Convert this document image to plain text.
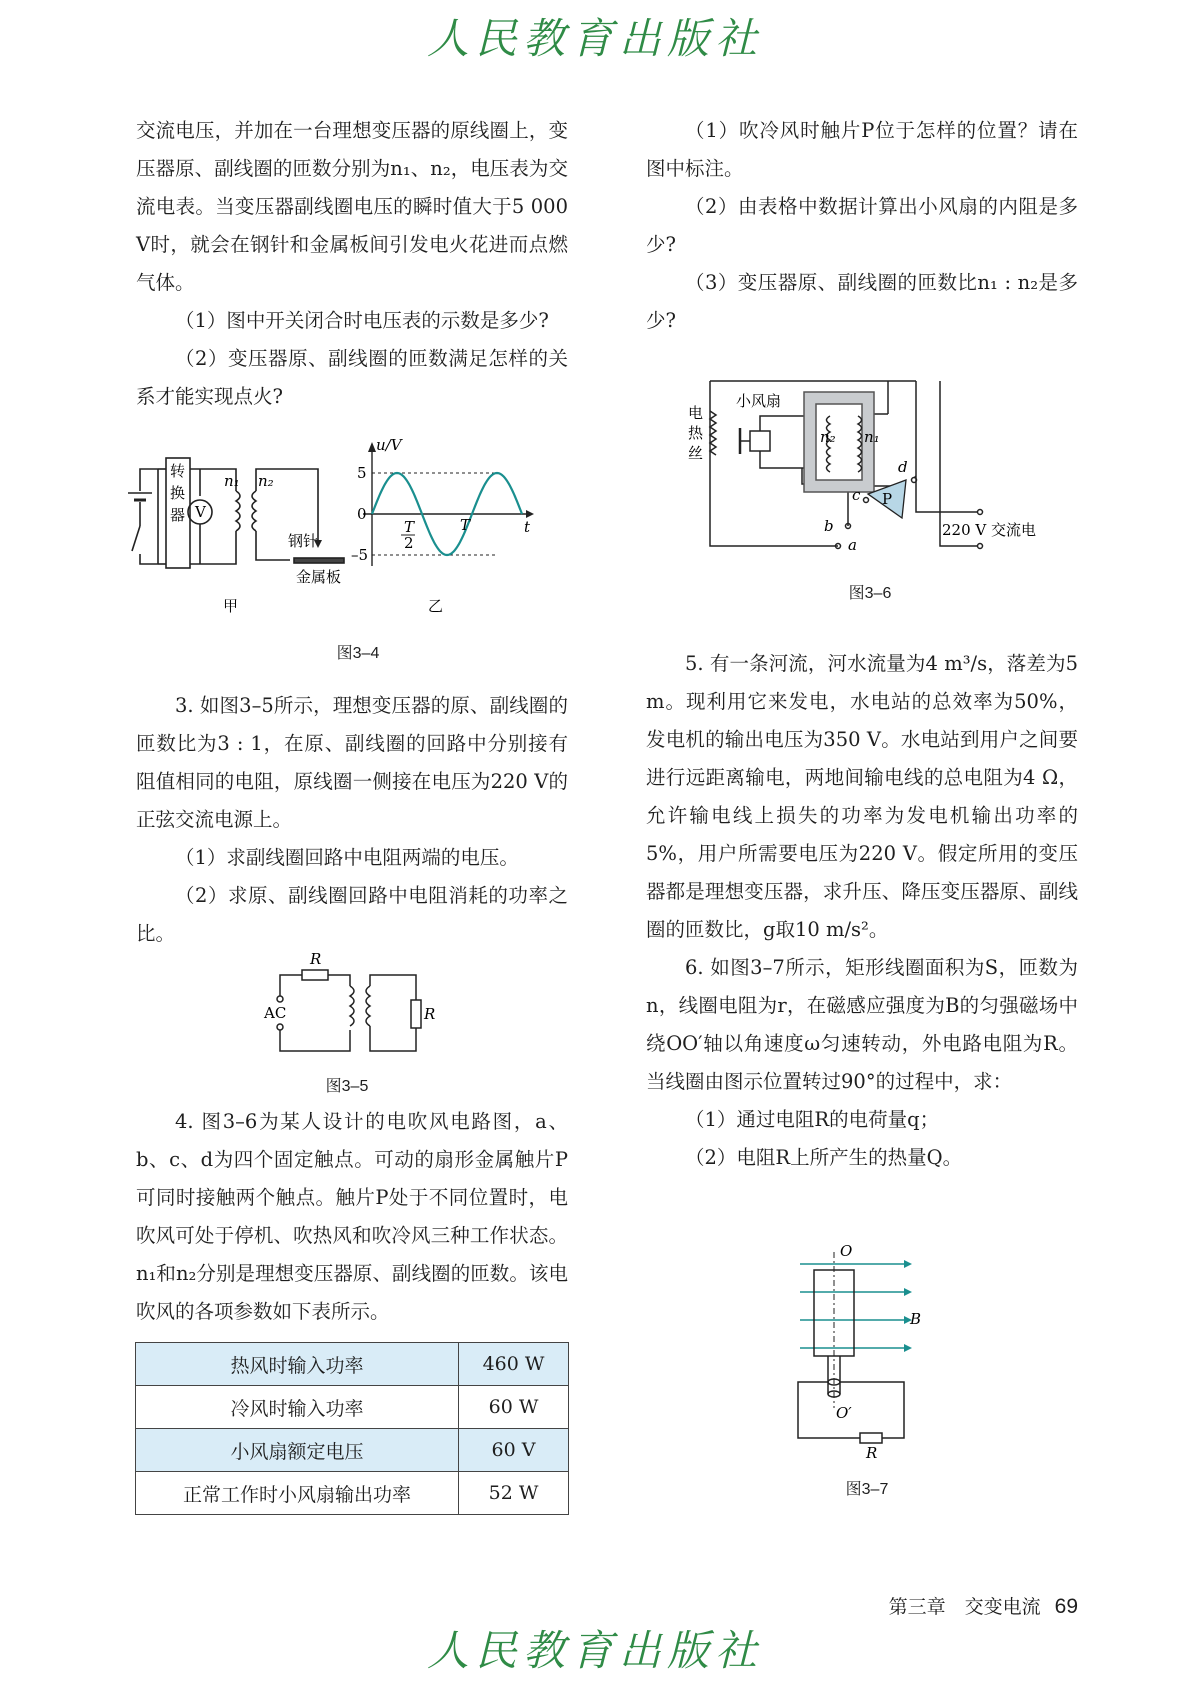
人民教育出版社

交流电压，并加在一台理想变压器的原线圈上，变压器原、副线圈的匝数分别为n₁、n₂，电压表为交流电表。当变压器副线圈电压的瞬时值大于5 000 V时，就会在钢针和金属板间引发电火花进而点燃气体。

（1）图中开关闭合时电压表的示数是多少?

（2）变压器原、副线圈的匝数满足怎样的关系才能实现点火?

转
换
器 V
n₁ n₂
钢针
金属板
甲
u/V
t
5
0
–5
T
2
T
乙
图3–4

3. 如图3–5所示，理想变压器的原、副线圈的匝数比为3 : 1，在原、副线圈的回路中分别接有阻值相同的电阻，原线圈一侧接在电压为220 V的正弦交流电源上。

（1）求副线圈回路中电阻两端的电压。

（2）求原、副线圈回路中电阻消耗的功率之比。

R
AC	R
图3–5

4. 图3–6为某人设计的电吹风电路图，a、b、c、d为四个固定触点。可动的扇形金属触片P可同时接触两个触点。触片P处于不同位置时，电吹风可处于停机、吹热风和吹冷风三种工作状态。n₁和n₂分别是理想变压器原、副线圈的匝数。该电吹风的各项参数如下表所示。

热风时输入功率	460 W
冷风时输入功率	60 W
小风扇额定电压	60 V
正常工作时小风扇输出功率	52 W

（1）吹冷风时触片P位于怎样的位置？请在图中标注。

（2）由表格中数据计算出小风扇的内阻是多少?

（3）变压器原、副线圈的匝数比n₁ : n₂是多少?

小风扇
电
热
丝
n₂ n₁
a
b
c
d
P
220 V 交流电
图3–6

5. 有一条河流，河水流量为4 m³/s，落差为5 m。现利用它来发电，水电站的总效率为50%，发电机的输出电压为350 V。水电站到用户之间要进行远距离输电，两地间输电线的总电阻为4 Ω，允许输电线上损失的功率为发电机输出功率的5%，用户所需要电压为220 V。假定所用的变压器都是理想变压器，求升压、降压变压器原、副线圈的匝数比，g取10 m/s²。

6. 如图3–7所示，矩形线圈面积为S，匝数为n，线圈电阻为r，在磁感应强度为B的匀强磁场中绕OO′轴以角速度ω匀速转动，外电路电阻为R。当线圈由图示位置转过90°的过程中，求：

（1）通过电阻R的电荷量q；

（2）电阻R上所产生的热量Q。

O
O′
B
R
图3–7
第三章　交变电流 69
人民教育出版社
